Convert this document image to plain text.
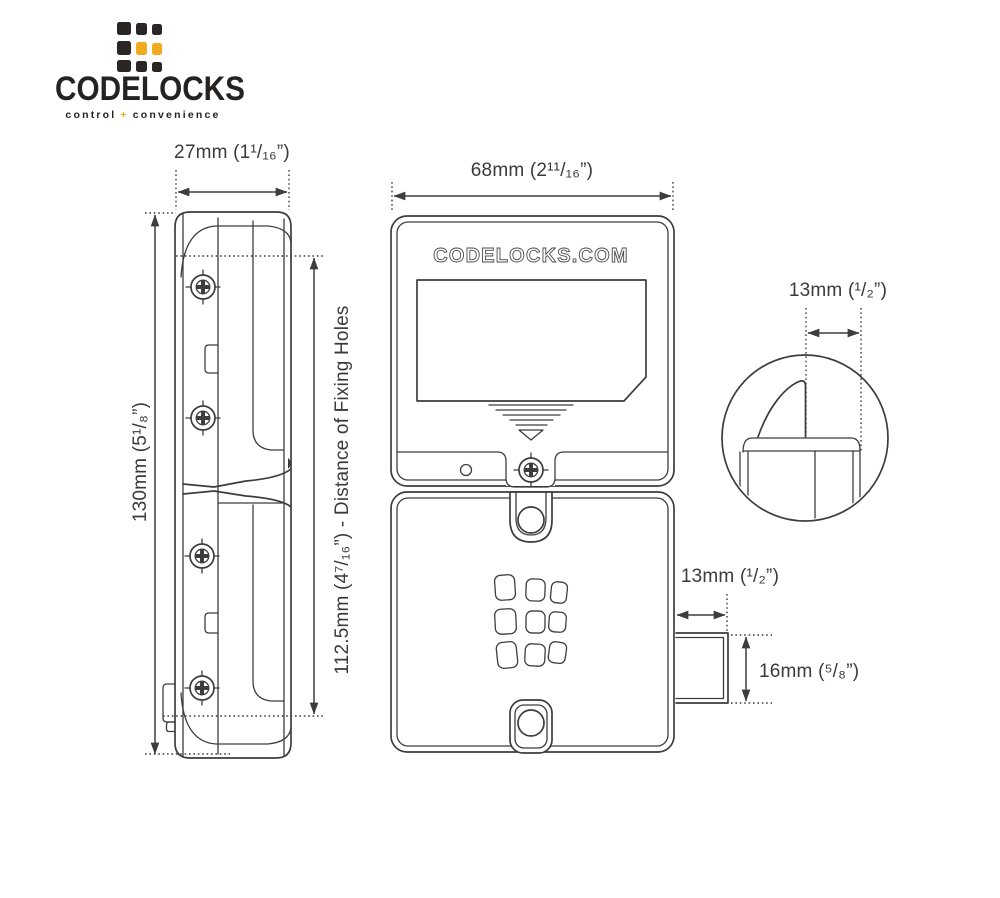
CODELOCKS
control + convenience
CODELOCKS.COM
27mm (1¹/₁₆”)
130mm (5¹/₈”)	112.5mm (4⁷/₁₆”) - Distance of Fixing Holes
68mm (2¹¹/₁₆”)
13mm (¹/₂”)
13mm (¹/₂”)
16mm (⁵/₈”)
